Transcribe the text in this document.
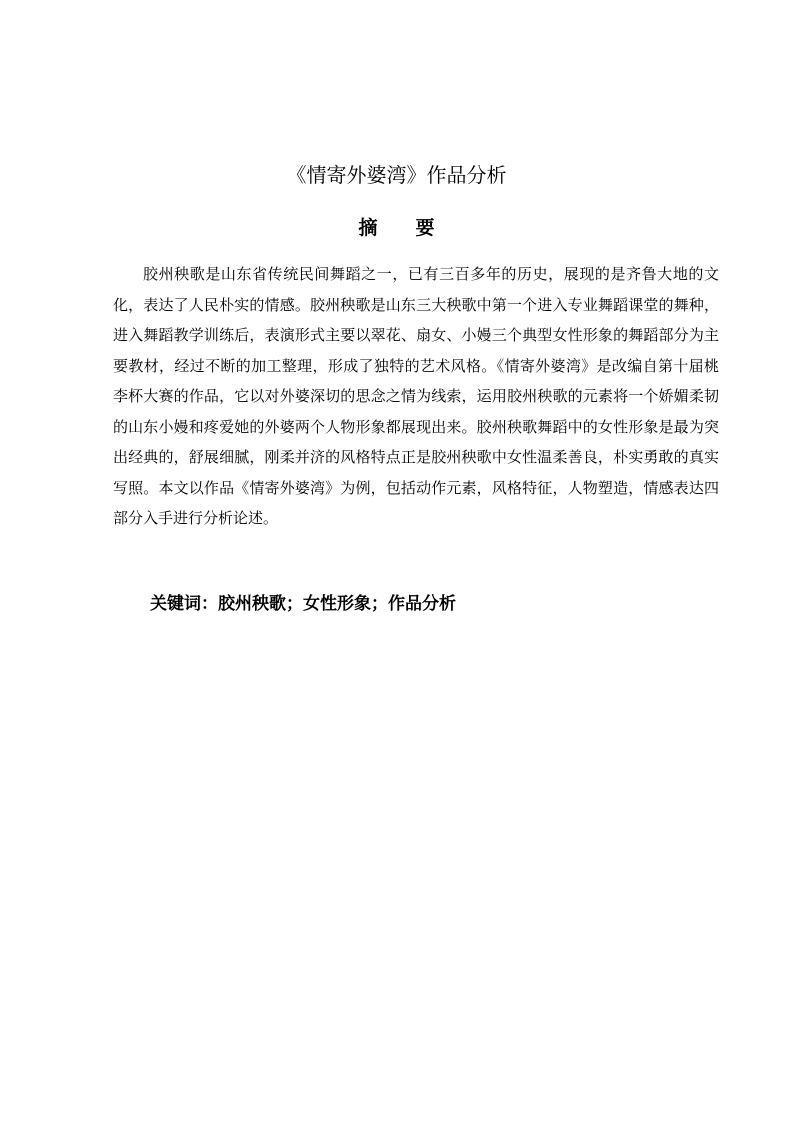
《情寄外婆湾》作品分析
摘要

胶州秧歌是山东省传统民间舞蹈之一，已有三百多年的历史，展现的是齐鲁大地的文化，表达了人民朴实的情感。胶州秧歌是山东三大秧歌中第一个进入专业舞蹈课堂的舞种，进入舞蹈教学训练后，表演形式主要以翠花、扇女、小嫚三个典型女性形象的舞蹈部分为主要教材，经过不断的加工整理，形成了独特的艺术风格。《情寄外婆湾》是改编自第十届桃李杯大赛的作品，它以对外婆深切的思念之情为线索，运用胶州秧歌的元素将一个娇媚柔韧的山东小嫚和疼爱她的外婆两个人物形象都展现出来。胶州秧歌舞蹈中的女性形象是最为突出经典的，舒展细腻，刚柔并济的风格特点正是胶州秧歌中女性温柔善良，朴实勇敢的真实写照。本文以作品《情寄外婆湾》为例，包括动作元素，风格特征，人物塑造，情感表达四部分入手进行分析论述。

关键词：胶州秧歌；女性形象；作品分析
